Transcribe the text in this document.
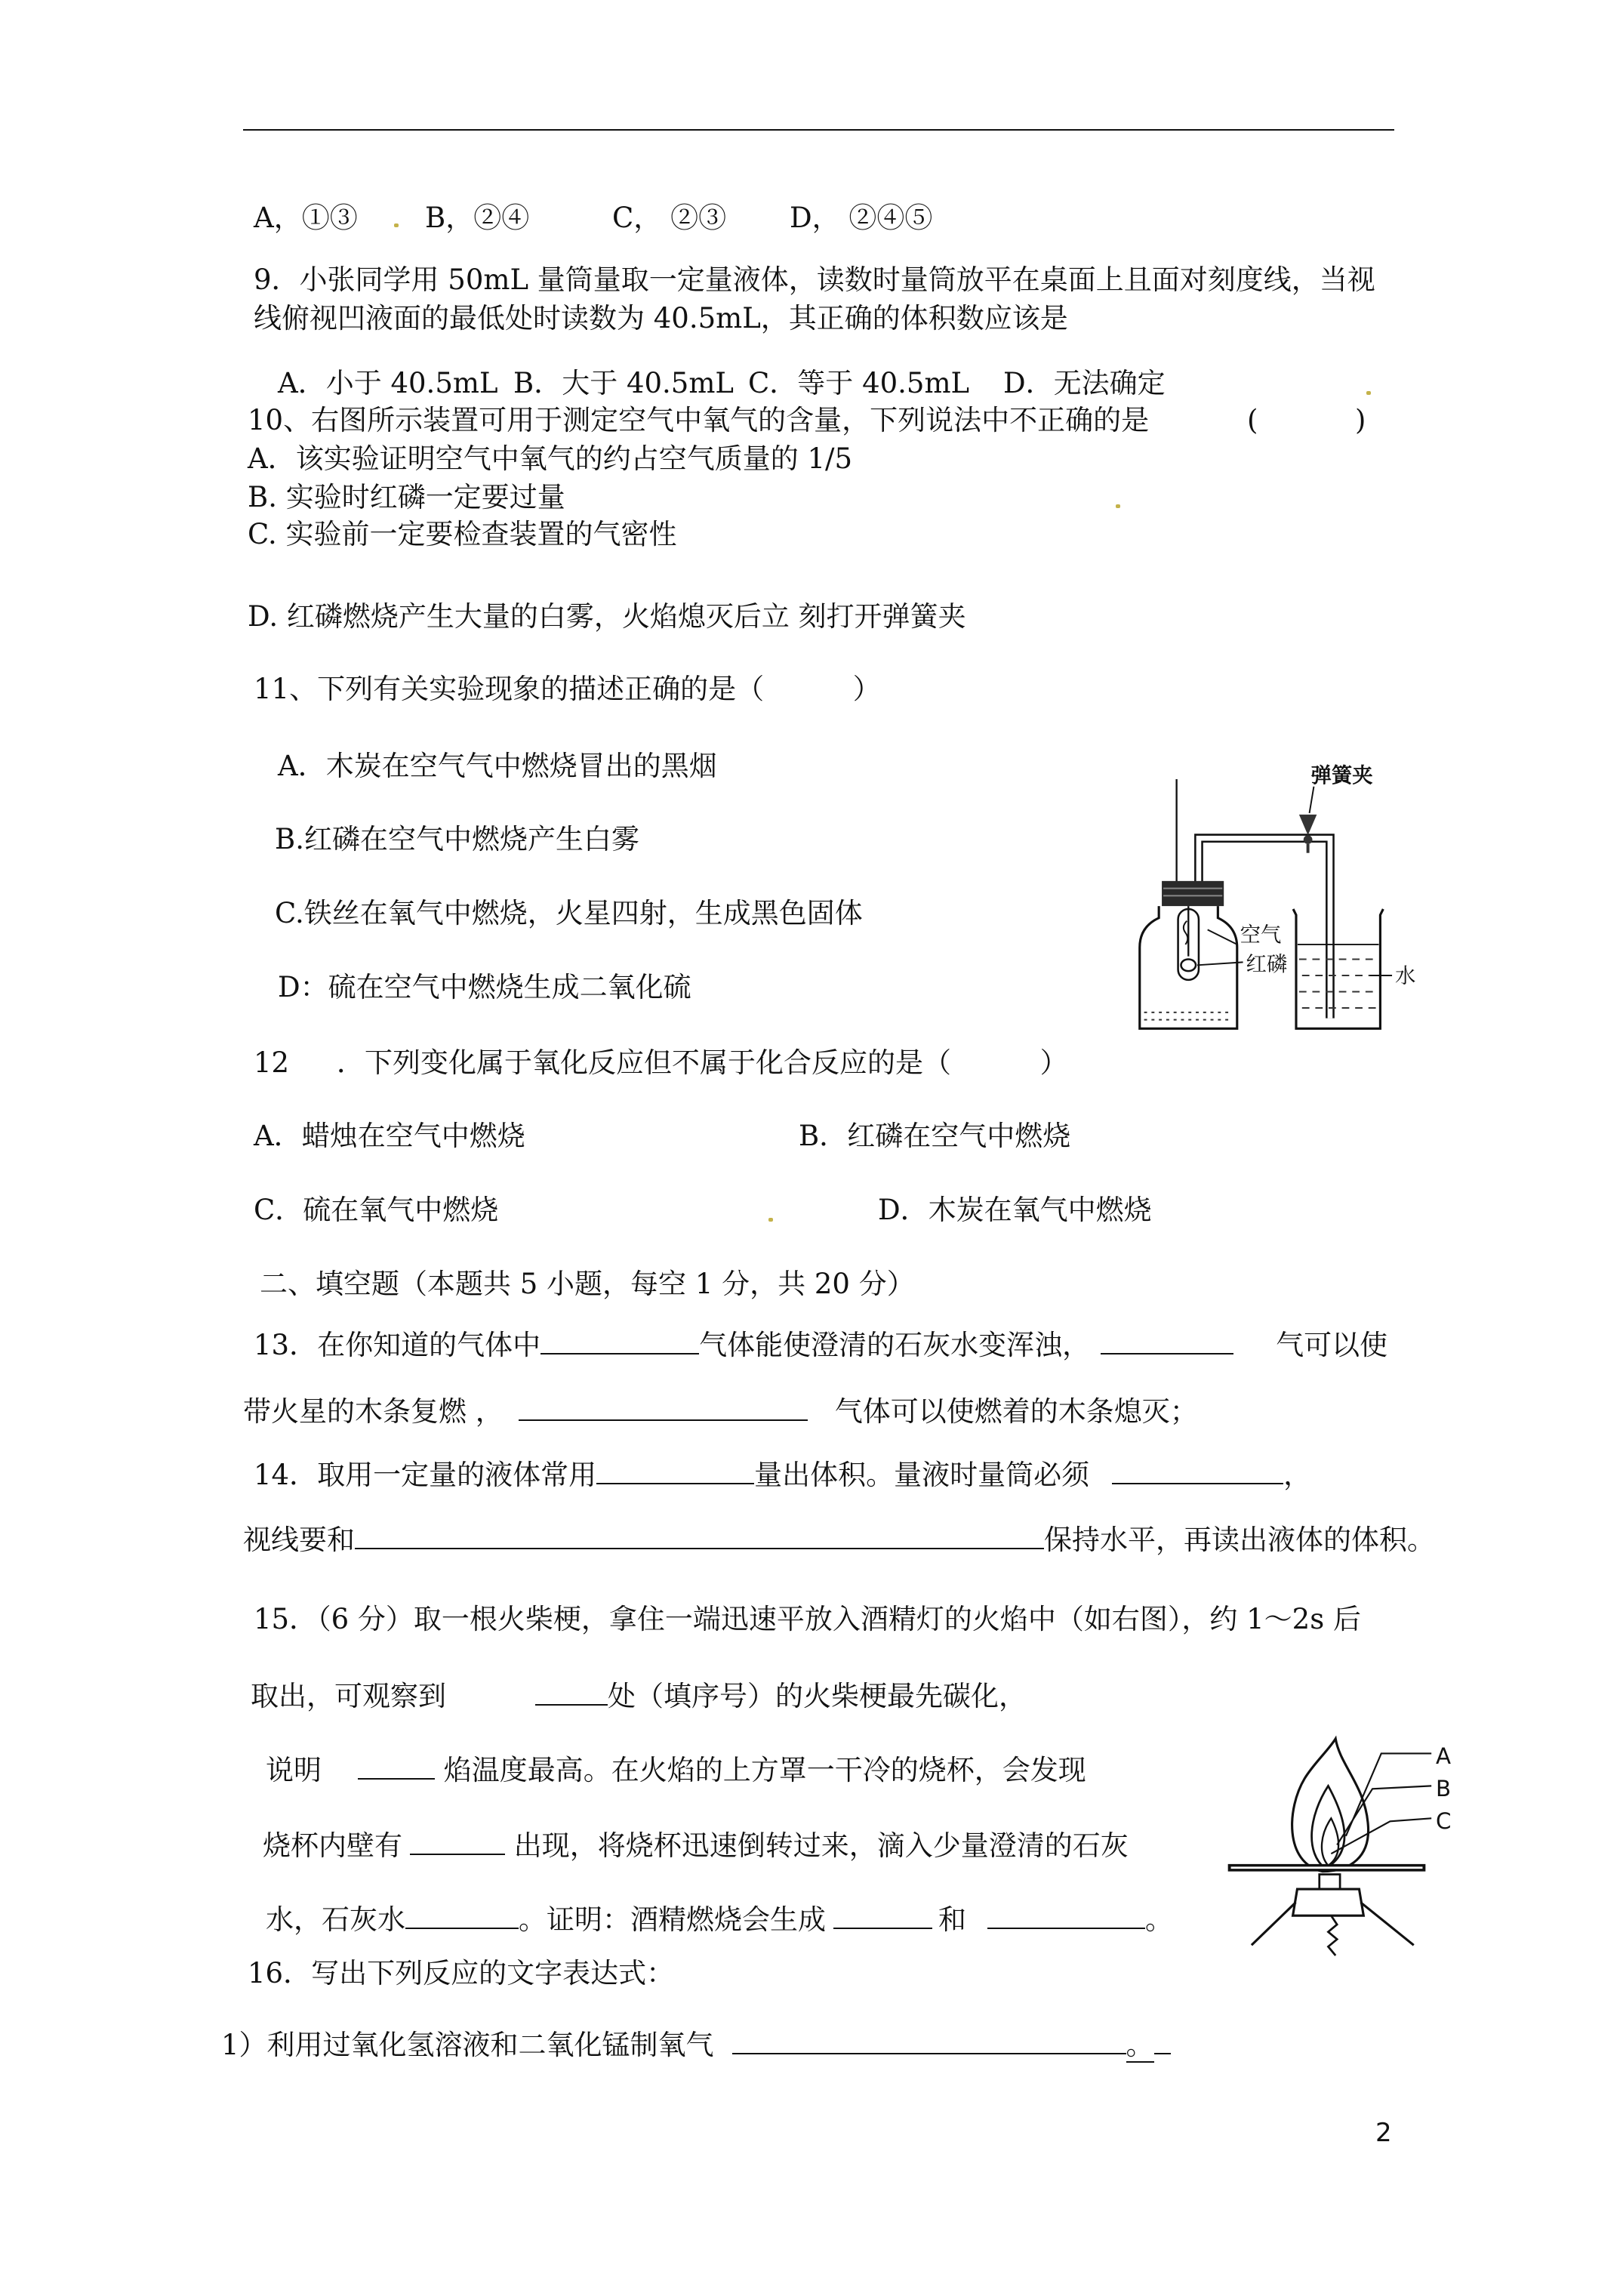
A，①③ B，②④	C， ②③ D， ②④⑤
9．小张同学用 50mL 量筒量取一定量液体，读数时量筒放平在桌面上且面对刻度线，当视
线俯视凹液面的最低处时读数为 40.5mL，其正确的体积数应该是
A．小于 40.5mL B．大于 40.5mL C．等于 40.5mL D．无法确定
10、右图所示装置可用于测定空气中氧气的含量，下列说法中不正确的是	(	)
A．该实验证明空气中氧气的约占空气质量的 1/5
B. 实验时红磷一定要过量
C. 实验前一定要检查装置的气密性
D. 红磷燃烧产生大量的白雾，火焰熄灭后立 刻打开弹簧夹
11、下列有关实验现象的描述正确的是（          ）
A．木炭在空气气中燃烧冒出的黑烟
B.红磷在空气中燃烧产生白雾
C.铁丝在氧气中燃烧，火星四射，生成黑色固体
D：硫在空气中燃烧生成二氧化硫
弹簧夹
空气
红磷
水
12 ．下列变化属于氧化反应但不属于化合反应的是（          ）
A．蜡烛在空气中燃烧	B．红磷在空气中燃烧
C．硫在氧气中燃烧	D．木炭在氧气中燃烧
二、填空题（本题共 5 小题，每空 1 分，共 20 分）
13．在你知道的气体中	气体能使澄清的石灰水变浑浊，	气可以使
带火星的木条复燃 ，	气体可以使燃着的木条熄灭；
14．取用一定量的液体常用	量出体积。量液时量筒必须	，
视线要和	保持水平，再读出液体的体积。
15．（6 分）取一根火柴梗，拿住一端迅速平放入酒精灯的火焰中（如右图），约 1～2s 后
取出，可观察到	处（填序号）的火柴梗最先碳化，
说明	焰温度最高。在火焰的上方罩一干冷的烧杯，会发现
烧杯内壁有	出现，将烧杯迅速倒转过来，滴入少量澄清的石灰
水，石灰水	。证明：酒精燃烧会生成	和	。
A
B
C
16．写出下列反应的文字表达式：
1）利用过氧化氢溶液和二氧化锰制氧气	。
2
